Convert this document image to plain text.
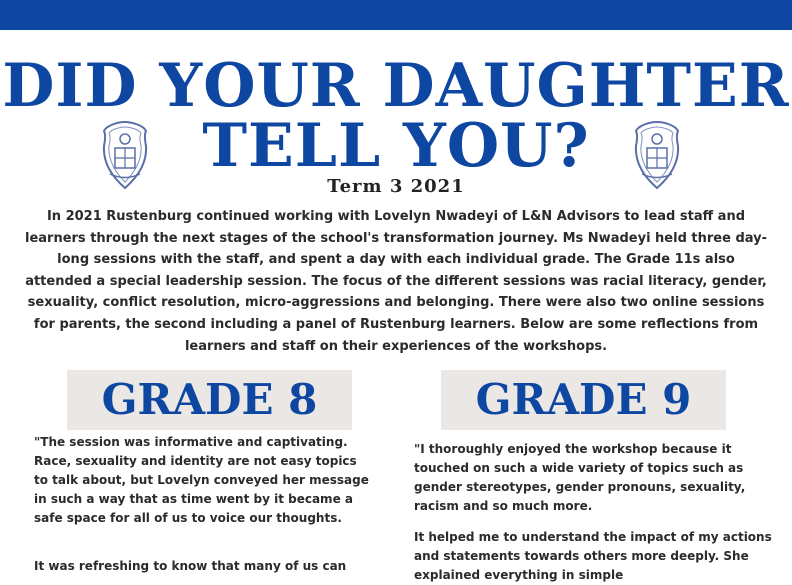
DID YOUR DAUGHTER
TELL YOU?
Term 3 2021

In 2021 Rustenburg continued working with Lovelyn Nwadeyi of L&N Advisors to lead staff and learners through the next stages of the school's transformation journey. Ms Nwadeyi held three day-long sessions with the staff, and spent a day with each individual grade. The Grade 11s also attended a special leadership session. The focus of the different sessions was racial literacy, gender, sexuality, conflict resolution, micro-aggressions and belonging. There were also two online sessions for parents, the second including a panel of Rustenburg learners. Below are some reflections from learners and staff on their experiences of the workshops.

GRADE 8	GRADE 9

"The session was informative and captivating. Race, sexuality and identity are not easy topics to talk about, but Lovelyn conveyed her message in such a way that as time went by it became a safe space for all of us to voice our thoughts.

It was refreshing to know that many of us can

"I thoroughly enjoyed the workshop because it touched on such a wide variety of topics such as gender stereotypes, gender pronouns, sexuality, racism and so much more.

It helped me to understand the impact of my actions and statements towards others more deeply. She explained everything in simple
